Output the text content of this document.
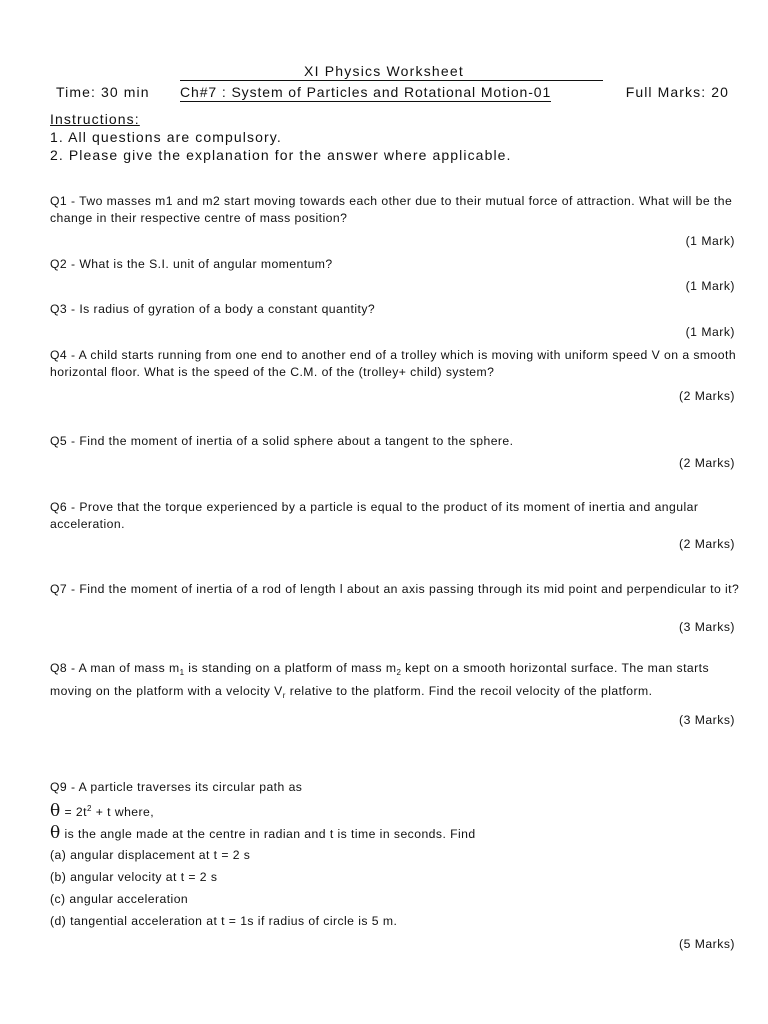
XI Physics Worksheet
Time: 30 min Ch#7 : System of Particles and Rotational Motion-01	Full Marks: 20
Instructions:
1. All questions are compulsory.
2. Please give the explanation for the answer where applicable.
Q1 - Two masses m1 and m2 start moving towards each other due to their mutual force of attraction. What will be the change in their respective centre of mass position?
(1 Mark)
Q2 - What is the S.I. unit of angular momentum?
(1 Mark)
Q3 - Is radius of gyration of a body a constant quantity?
(1 Mark)
Q4 - A child starts running from one end to another end of a trolley which is moving with uniform speed V on a smooth horizontal floor. What is the speed of the C.M. of the (trolley+ child) system?
(2 Marks)
Q5 - Find the moment of inertia of a solid sphere about a tangent to the sphere.
(2 Marks)
Q6 - Prove that the torque experienced by a particle is equal to the product of its moment of inertia and angular acceleration.
(2 Marks)
Q7 - Find the moment of inertia of a rod of length l about an axis passing through its mid point and perpendicular to it?
(3 Marks)
Q8 - A man of mass $m_1$ is standing on a platform of mass $m_2$ kept on a smooth horizontal surface. The man starts moving on the platform with a velocity $V_r$ relative to the platform. Find the recoil velocity of the platform.
(3 Marks)
Q9 - A particle traverses its circular path as
$\theta = 2t^2 + t$ where,
θ is the angle made at the centre in radian and t is time in seconds. Find
(a) angular displacement at t = 2 s
(b) angular velocity at t = 2 s
(c) angular acceleration
(d) tangential acceleration at t = 1s if radius of circle is 5 m.
(5 Marks)
